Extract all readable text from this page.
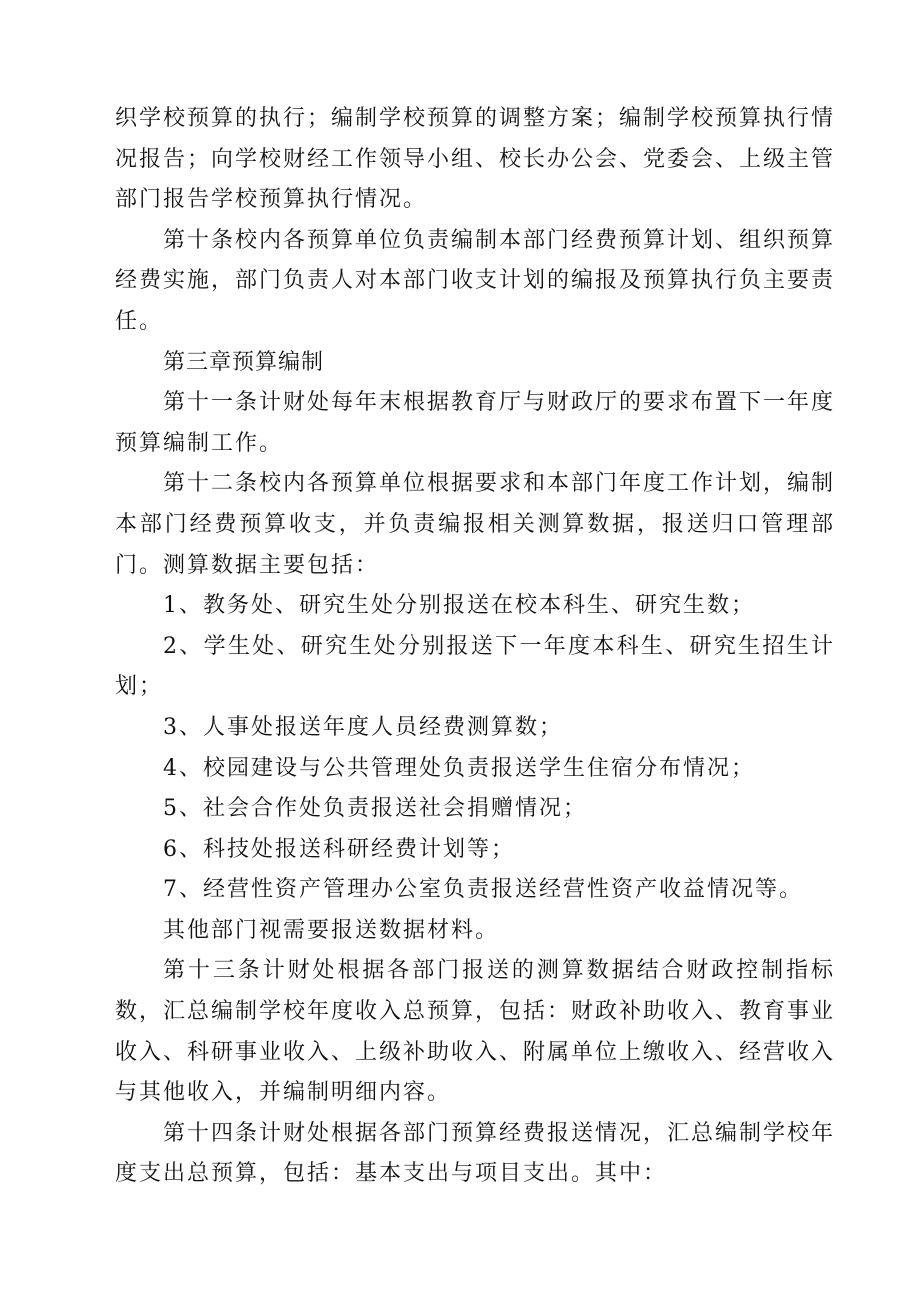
织学校预算的执行；编制学校预算的调整方案；编制学校预算执行情况报告；向学校财经工作领导小组、校长办公会、党委会、上级主管部门报告学校预算执行情况。

第十条校内各预算单位负责编制本部门经费预算计划、组织预算经费实施，部门负责人对本部门收支计划的编报及预算执行负主要责任。

第三章预算编制

第十一条计财处每年末根据教育厅与财政厅的要求布置下一年度预算编制工作。

第十二条校内各预算单位根据要求和本部门年度工作计划，编制本部门经费预算收支，并负责编报相关测算数据，报送归口管理部门。测算数据主要包括：

1、教务处、研究生处分别报送在校本科生、研究生数；

2、学生处、研究生处分别报送下一年度本科生、研究生招生计划；

3、人事处报送年度人员经费测算数；

4、校园建设与公共管理处负责报送学生住宿分布情况；

5、社会合作处负责报送社会捐赠情况；

6、科技处报送科研经费计划等；

7、经营性资产管理办公室负责报送经营性资产收益情况等。

其他部门视需要报送数据材料。

第十三条计财处根据各部门报送的测算数据结合财政控制指标数，汇总编制学校年度收入总预算，包括：财政补助收入、教育事业收入、科研事业收入、上级补助收入、附属单位上缴收入、经营收入与其他收入，并编制明细内容。

第十四条计财处根据各部门预算经费报送情况，汇总编制学校年度支出总预算，包括：基本支出与项目支出。其中：
